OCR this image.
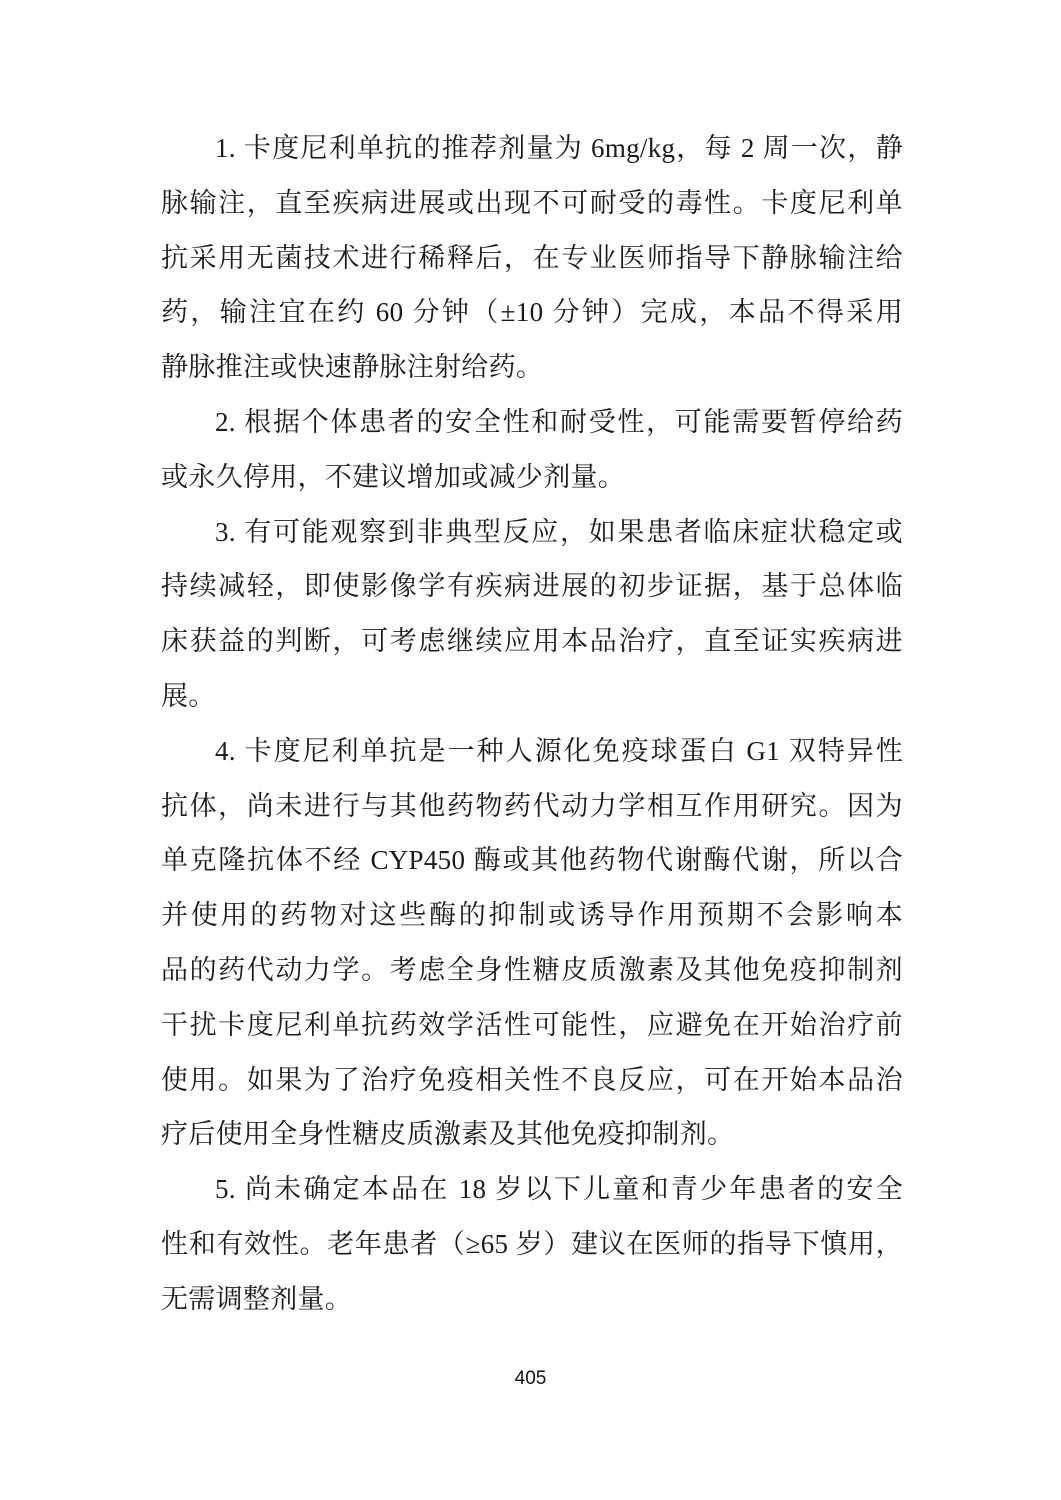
1. 卡度尼利单抗的推荐剂量为 6mg/kg，每 2 周一次，静
脉输注，直至疾病进展或出现不可耐受的毒性。卡度尼利单
抗采用无菌技术进行稀释后，在专业医师指导下静脉输注给
药，输注宜在约 60 分钟（±10 分钟）完成，本品不得采用
静脉推注或快速静脉注射给药。
2. 根据个体患者的安全性和耐受性，可能需要暂停给药
或永久停用，不建议增加或减少剂量。
3. 有可能观察到非典型反应，如果患者临床症状稳定或
持续减轻，即使影像学有疾病进展的初步证据，基于总体临
床获益的判断，可考虑继续应用本品治疗，直至证实疾病进
展。
4. 卡度尼利单抗是一种人源化免疫球蛋白 G1 双特异性
抗体，尚未进行与其他药物药代动力学相互作用研究。因为
单克隆抗体不经 CYP450 酶或其他药物代谢酶代谢，所以合
并使用的药物对这些酶的抑制或诱导作用预期不会影响本
品的药代动力学。考虑全身性糖皮质激素及其他免疫抑制剂
干扰卡度尼利单抗药效学活性可能性，应避免在开始治疗前
使用。如果为了治疗免疫相关性不良反应，可在开始本品治
疗后使用全身性糖皮质激素及其他免疫抑制剂。
5. 尚未确定本品在 18 岁以下儿童和青少年患者的安全
性和有效性。老年患者（≥65 岁）建议在医师的指导下慎用，
无需调整剂量。
405
